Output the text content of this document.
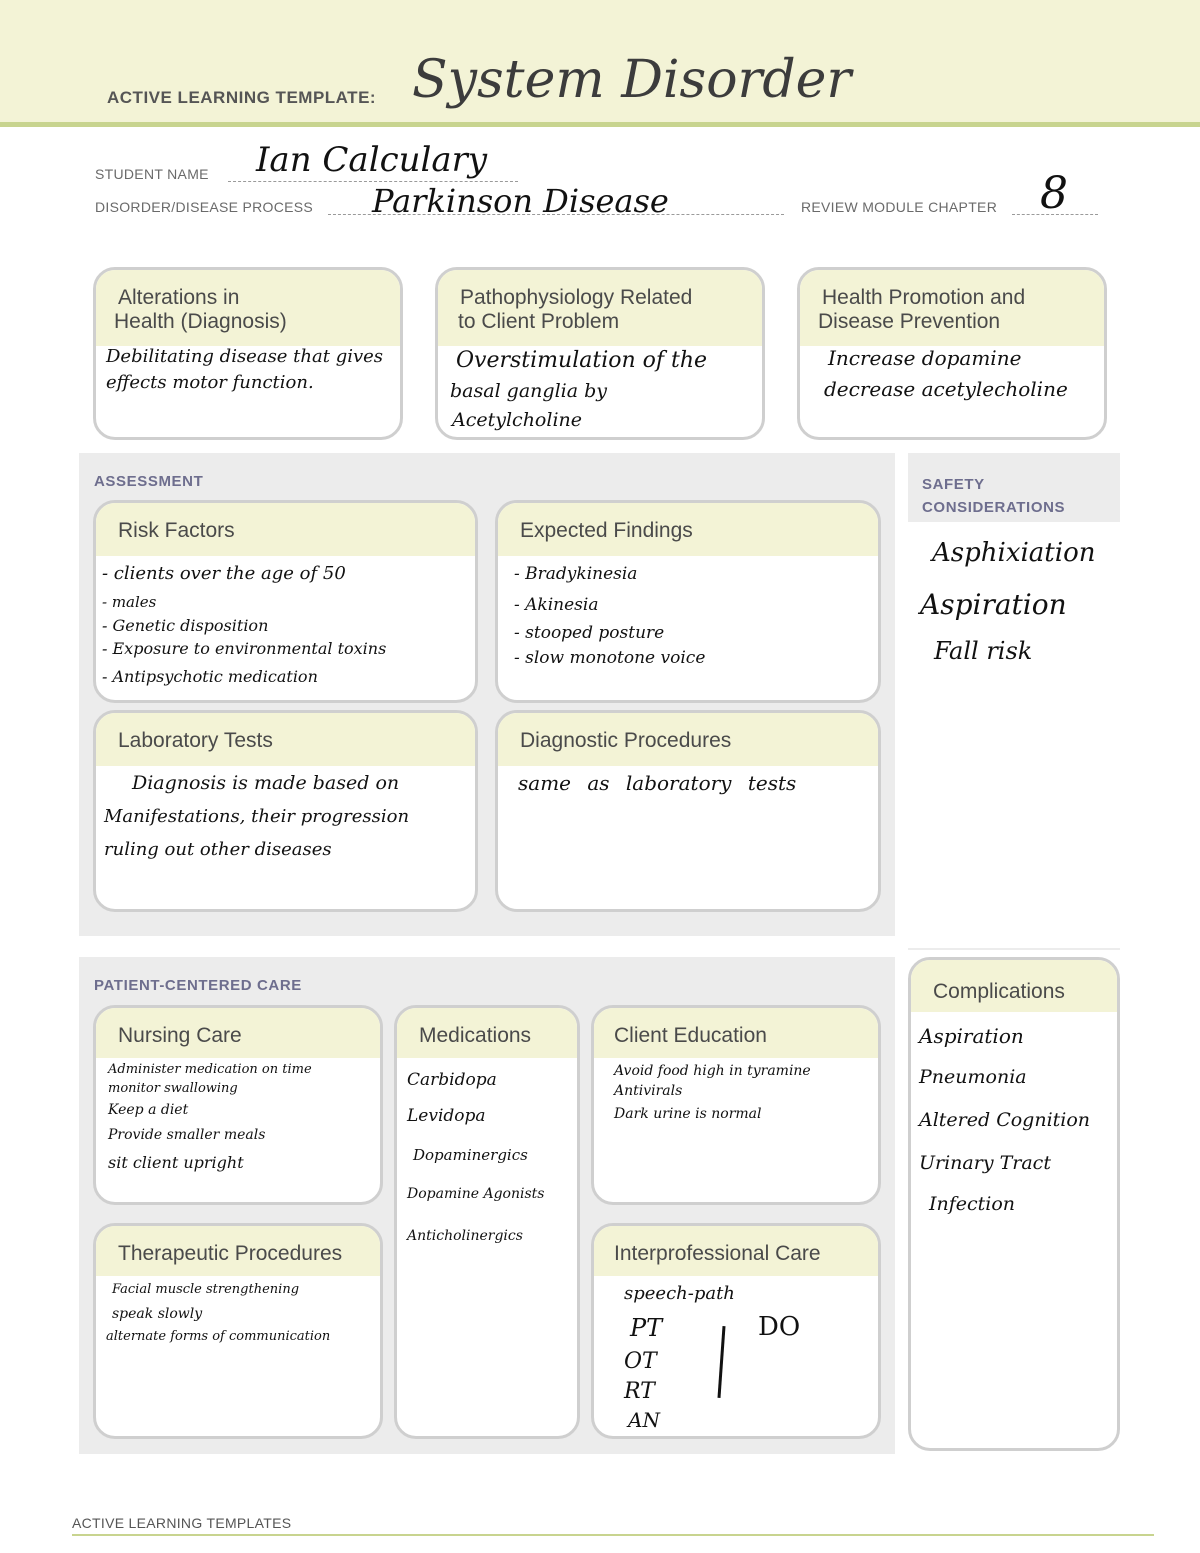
ACTIVE LEARNING TEMPLATE: System Disorder
STUDENT NAME Ian Calculary
DISORDER/DISEASE PROCESS Parkinson Disease	REVIEW MODULE CHAPTER 8
Alterations in
Health (Diagnosis)
Debilitating disease that gives
effects motor function.
Pathophysiology Related
to Client Problem
Overstimulation of the
basal ganglia by
Acetylcholine
Health Promotion and
Disease Prevention
Increase dopamine
decrease acetylecholine
ASSESSMENT
Risk Factors
- clients over the age of 50
- males
- Genetic disposition
- Exposure to environmental toxins
- Antipsychotic medication
Expected Findings
- Bradykinesia
- Akinesia
- stooped posture
- slow monotone voice
Laboratory Tests
Diagnosis is made based on
Manifestations, their progression
ruling out other diseases
Diagnostic Procedures
same as laboratory tests
SAFETY
CONSIDERATIONS
Asphixiation
Aspiration
Fall risk
PATIENT-CENTERED CARE
Nursing Care
Administer medication on time
monitor swallowing
Keep a diet
Provide smaller meals
sit client upright
Medications
Carbidopa
Levidopa
Dopaminergics
Dopamine Agonists
Anticholinergics
Client Education
Avoid food high in tyramine
Antivirals
Dark urine is normal
Therapeutic Procedures
Facial muscle strengthening
speak slowly
alternate forms of communication
Interprofessional Care
speech-path
PT
OT
RT
AN
DO
Complications
Aspiration
Pneumonia
Altered Cognition
Urinary Tract
Infection
ACTIVE LEARNING TEMPLATES
